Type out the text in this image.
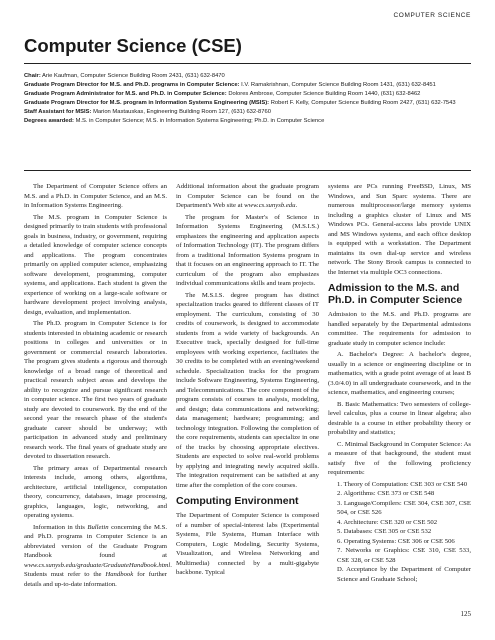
COMPUTER SCIENCE
Computer Science (CSE)

Chair: Arie Kaufman, Computer Science Building Room 2431, (631) 632-8470

Graduate Program Director for M.S. and Ph.D. programs in Computer Science: I.V. Ramakrishnan, Computer Science Building Room 1431, (631) 632-8451

Graduate Program Administrator for M.S. and Ph.D. in Computer Science: Dolores Ambrose, Computer Science Building Room 1440, (631) 632-8462

Graduate Program Director for M.S. program in Information Systems Engineering (MSIS): Robert F. Kelly, Computer Science Building Room 2427, (631) 632-7543

Staff Assistant for MSIS: Marion Mastauskas, Engineering Building Room 127, (631) 632-8760

Degrees awarded: M.S. in Computer Science; M.S. in Information Systems Engineering; Ph.D. in Computer Science

The Department of Computer Science offers an M.S. and a Ph.D. in Computer Science, and an M.S. in Information Systems Engineering.

The M.S. program in Computer Science is designed primarily to train students with professional goals in business, industry, or government, requiring a detailed knowledge of computer science concepts and applications. The program concentrates primarily on applied computer science, emphasizing software development, programming, computer systems, and applications. Each student is given the experience of working on a large-scale software or hardware development project involving analysis, design, evaluation, and implementation.

The Ph.D. program in Computer Science is for students interested in obtaining academic or research positions in colleges and universities or in government or commercial research laboratories. The program gives students a rigorous and thorough knowledge of a broad range of theoretical and practical research subject areas and develops the ability to recognize and pursue significant research in computer science. The first two years of graduate study are devoted to coursework. By the end of the second year the research phase of the student's graduate career should be underway; with participation in advanced study and preliminary research work. The final years of graduate study are devoted to dissertation research.

The primary areas of Departmental research interests include, among others, algorithms, architecture, artificial intelligence, computation theory, concurrency, databases, image processing, graphics, languages, logic, networking, and operating systems.

Information in this Bulletin concerning the M.S. and Ph.D. programs in Computer Science is an abbreviated version of the Graduate Program Handbook found at www.cs.sunysb.edu/graduate/GraduateHandbook.html. Students must refer to the Handbook for further details and up-to-date information.

Additional information about the graduate program in Computer Science can be found on the Department's Web site at www.cs.sunysb.edu.

The program for Master's of Science in Information Systems Engineering (M.S.I.S.) emphasizes the engineering and application aspects of Information Technology (IT). The program differs from a traditional Information Systems program in that it focuses on an engineering approach to IT. The curriculum of the program also emphasizes individual communications skills and team projects.

The M.S.I.S. degree program has distinct specialization tracks geared to different classes of IT employment. The curriculum, consisting of 30 credits of coursework, is designed to accommodate students from a wide variety of backgrounds. An Executive track, specially designed for full-time employees with working experience, facilitates the 30 credits to be completed with an evening/weekend schedule. Specialization tracks for the program include Software Engineering, Systems Engineering, and Telecommunications. The core component of the program consists of courses in analysis, modeling, and design; data communications and networking; data management; hardware; programming; and technology integration. Following the completion of the core requirements, students can specialize in one of the tracks by choosing appropriate electives. Students are expected to solve real-world problems by applying and integrating newly acquired skills. The integration requirement can be satisfied at any time after the completion of the core courses.

Computing Environment

The Department of Computer Science is composed of a number of special-interest labs (Experimental Systems, File Systems, Human Interface with Computers, Logic Modeling, Security Systems, Visualization, and Wireless Networking and Multimedia) connected by a multi-gigabyte backbone. Typical

systems are PCs running FreeBSD, Linux, MS Windows, and Sun Sparc systems. There are numerous multiprocessor/large memory systems including a graphics cluster of Linux and MS Windows PCs. General-access labs provide UNIX and MS Windows systems, and each office desktop is equipped with a workstation. The Department maintains its own dial-up service and wireless network. The Stony Brook campus is connected to the Internet via multiple OC3 connections.

Admission to the M.S. and Ph.D. in Computer Science

Admission to the M.S. and Ph.D. programs are handled separately by the Departmental admissions committee. The requirements for admission to graduate study in computer science include:

A. Bachelor's Degree: A bachelor's degree, usually in a science or engineering discipline or in mathematics, with a grade point average of at least B (3.0/4.0) in all undergraduate coursework, and in the science, mathematics, and engineering courses;

B. Basic Mathematics: Two semesters of college-level calculus, plus a course in linear algebra; also desirable is a course in either probability theory or probability and statistics;

C. Minimal Background in Computer Science: As a measure of that background, the student must satisfy five of the following proficiency requirements:

1. Theory of Computation: CSE 303 or CSE 540

2. Algorithms: CSE 373 or CSE 548

3. Language/Compilers: CSE 304, CSE 307, CSE 504, or CSE 526

4. Architecture: CSE 320 or CSE 502

5. Databases: CSE 305 or CSE 532

6. Operating Systems: CSE 306 or CSE 506

7. Networks or Graphics: CSE 310, CSE 533, CSE 328, or CSE 528

D. Acceptance by the Department of Computer Science and Graduate School;

125
